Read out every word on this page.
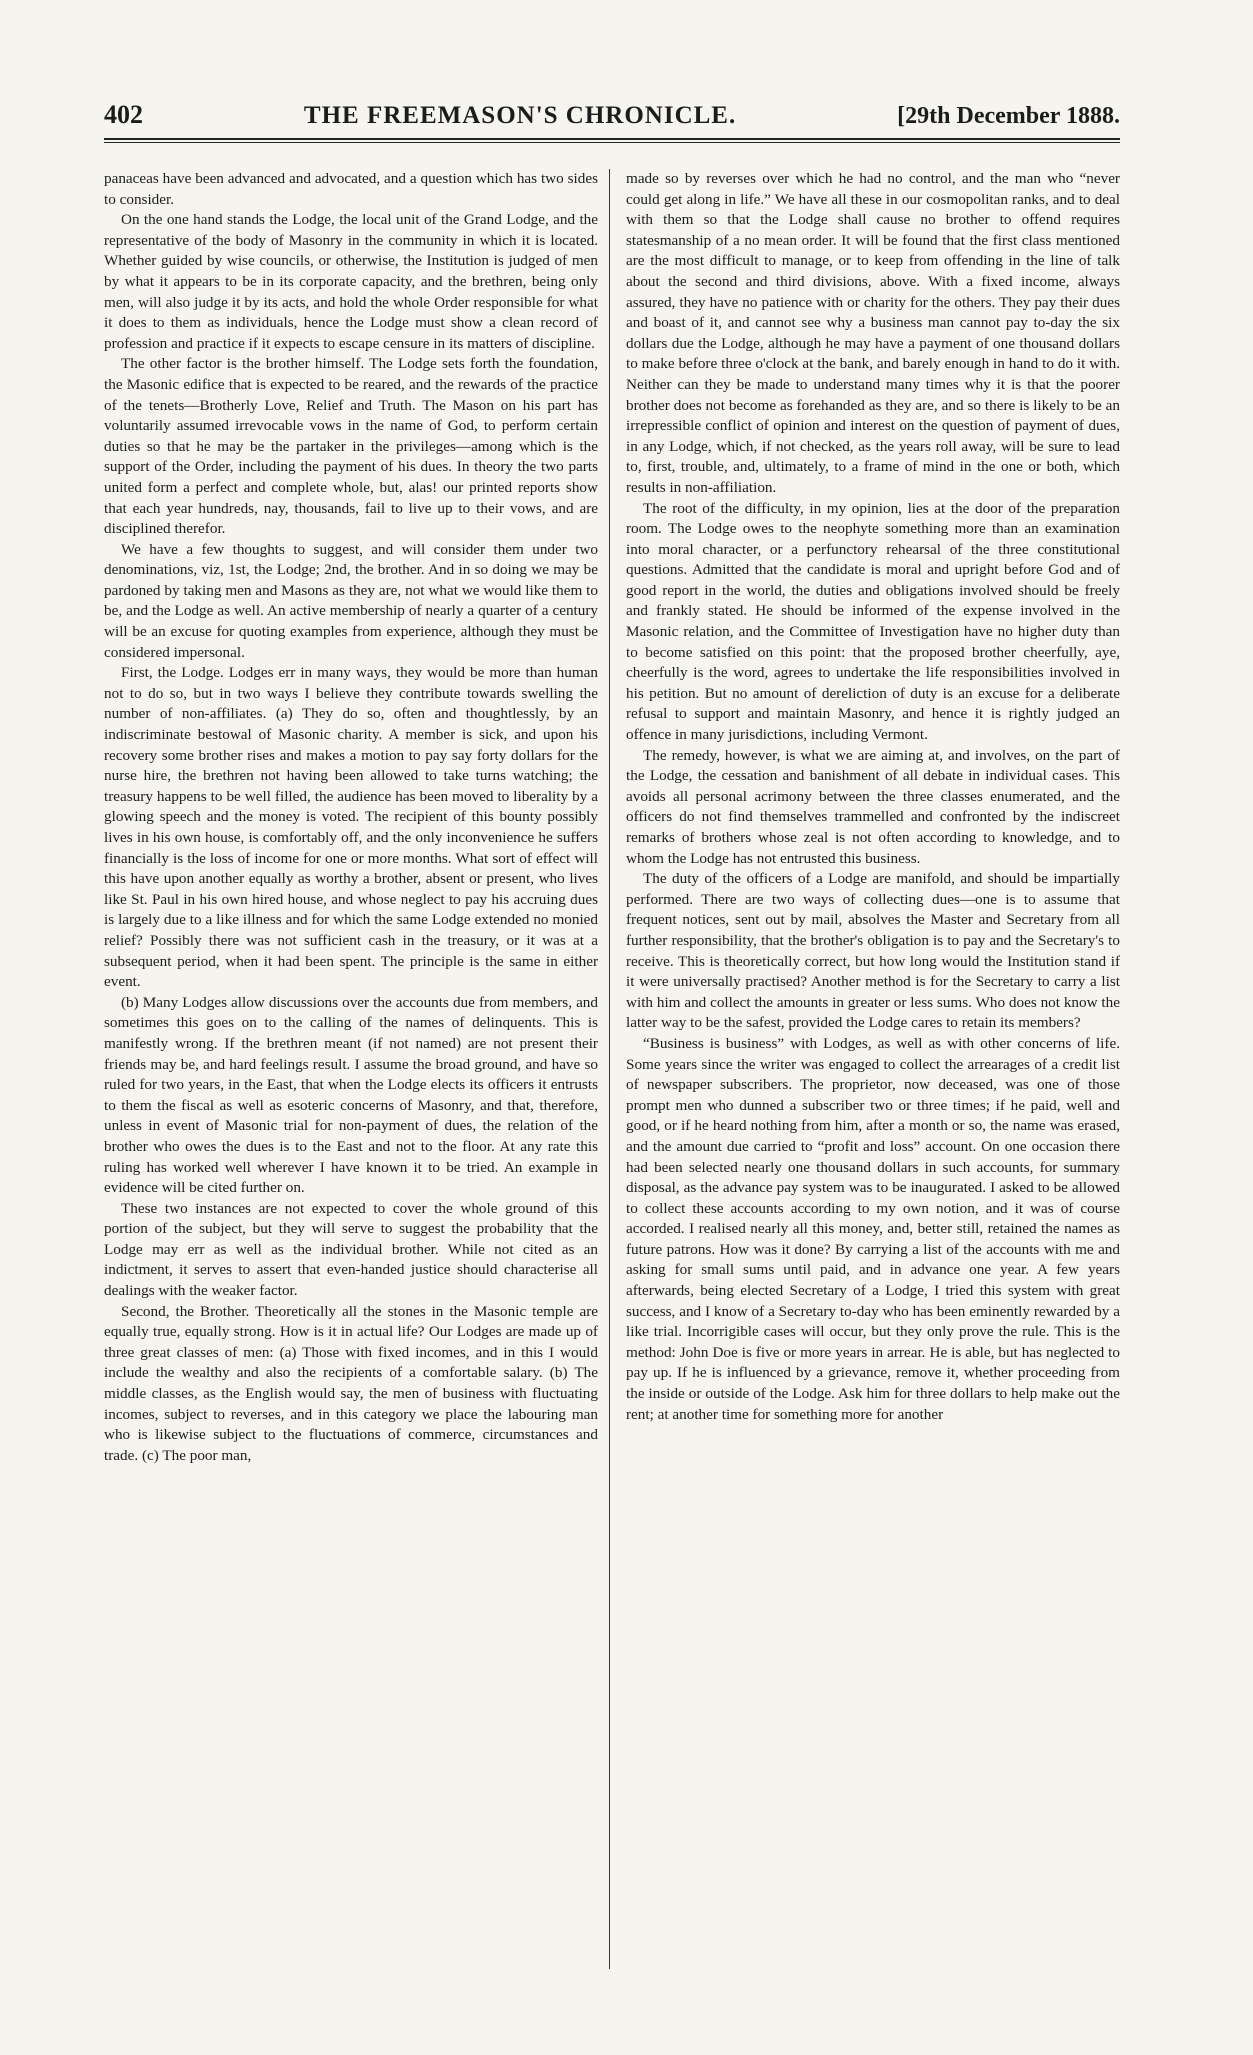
402	THE FREEMASON'S CHRONICLE.	[29th December 1888.

panaceas have been advanced and advocated, and a question which has two sides to consider.

On the one hand stands the Lodge, the local unit of the Grand Lodge, and the representative of the body of Masonry in the community in which it is located. Whether guided by wise councils, or otherwise, the Institution is judged of men by what it appears to be in its corporate capacity, and the brethren, being only men, will also judge it by its acts, and hold the whole Order responsible for what it does to them as individuals, hence the Lodge must show a clean record of profession and practice if it expects to escape censure in its matters of discipline.

The other factor is the brother himself. The Lodge sets forth the foundation, the Masonic edifice that is expected to be reared, and the rewards of the practice of the tenets—Brotherly Love, Relief and Truth. The Mason on his part has voluntarily assumed irrevocable vows in the name of God, to perform certain duties so that he may be the partaker in the privileges—among which is the support of the Order, including the payment of his dues. In theory the two parts united form a perfect and complete whole, but, alas! our printed reports show that each year hundreds, nay, thousands, fail to live up to their vows, and are disciplined therefor.

We have a few thoughts to suggest, and will consider them under two denominations, viz, 1st, the Lodge; 2nd, the brother. And in so doing we may be pardoned by taking men and Masons as they are, not what we would like them to be, and the Lodge as well. An active membership of nearly a quarter of a century will be an excuse for quoting examples from experience, although they must be considered impersonal.

First, the Lodge. Lodges err in many ways, they would be more than human not to do so, but in two ways I believe they contribute towards swelling the number of non-affiliates. (a) They do so, often and thoughtlessly, by an indiscriminate bestowal of Masonic charity. A member is sick, and upon his recovery some brother rises and makes a motion to pay say forty dollars for the nurse hire, the brethren not having been allowed to take turns watching; the treasury happens to be well filled, the audience has been moved to liberality by a glowing speech and the money is voted. The recipient of this bounty possibly lives in his own house, is comfortably off, and the only inconvenience he suffers financially is the loss of income for one or more months. What sort of effect will this have upon another equally as worthy a brother, absent or present, who lives like St. Paul in his own hired house, and whose neglect to pay his accruing dues is largely due to a like illness and for which the same Lodge extended no monied relief? Possibly there was not sufficient cash in the treasury, or it was at a subsequent period, when it had been spent. The principle is the same in either event.

(b) Many Lodges allow discussions over the accounts due from members, and sometimes this goes on to the calling of the names of delinquents. This is manifestly wrong. If the brethren meant (if not named) are not present their friends may be, and hard feelings result. I assume the broad ground, and have so ruled for two years, in the East, that when the Lodge elects its officers it entrusts to them the fiscal as well as esoteric concerns of Masonry, and that, therefore, unless in event of Masonic trial for non-payment of dues, the relation of the brother who owes the dues is to the East and not to the floor. At any rate this ruling has worked well wherever I have known it to be tried. An example in evidence will be cited further on.

These two instances are not expected to cover the whole ground of this portion of the subject, but they will serve to suggest the probability that the Lodge may err as well as the individual brother. While not cited as an indictment, it serves to assert that even-handed justice should characterise all dealings with the weaker factor.

Second, the Brother. Theoretically all the stones in the Masonic temple are equally true, equally strong. How is it in actual life? Our Lodges are made up of three great classes of men: (a) Those with fixed incomes, and in this I would include the wealthy and also the recipients of a comfortable salary. (b) The middle classes, as the English would say, the men of business with fluctuating incomes, subject to reverses, and in this category we place the labouring man who is likewise subject to the fluctuations of commerce, circumstances and trade. (c) The poor man,

made so by reverses over which he had no control, and the man who “never could get along in life.” We have all these in our cosmopolitan ranks, and to deal with them so that the Lodge shall cause no brother to offend requires statesmanship of a no mean order. It will be found that the first class mentioned are the most difficult to manage, or to keep from offending in the line of talk about the second and third divisions, above. With a fixed income, always assured, they have no patience with or charity for the others. They pay their dues and boast of it, and cannot see why a business man cannot pay to-day the six dollars due the Lodge, although he may have a payment of one thousand dollars to make before three o'clock at the bank, and barely enough in hand to do it with. Neither can they be made to understand many times why it is that the poorer brother does not become as forehanded as they are, and so there is likely to be an irrepressible conflict of opinion and interest on the question of payment of dues, in any Lodge, which, if not checked, as the years roll away, will be sure to lead to, first, trouble, and, ultimately, to a frame of mind in the one or both, which results in non-affiliation.

The root of the difficulty, in my opinion, lies at the door of the preparation room. The Lodge owes to the neophyte something more than an examination into moral character, or a perfunctory rehearsal of the three constitutional questions. Admitted that the candidate is moral and upright before God and of good report in the world, the duties and obligations involved should be freely and frankly stated. He should be informed of the expense involved in the Masonic relation, and the Committee of Investigation have no higher duty than to become satisfied on this point: that the proposed brother cheerfully, aye, cheerfully is the word, agrees to undertake the life responsibilities involved in his petition. But no amount of dereliction of duty is an excuse for a deliberate refusal to support and maintain Masonry, and hence it is rightly judged an offence in many jurisdictions, including Vermont.

The remedy, however, is what we are aiming at, and involves, on the part of the Lodge, the cessation and banishment of all debate in individual cases. This avoids all personal acrimony between the three classes enumerated, and the officers do not find themselves trammelled and confronted by the indiscreet remarks of brothers whose zeal is not often according to knowledge, and to whom the Lodge has not entrusted this business.

The duty of the officers of a Lodge are manifold, and should be impartially performed. There are two ways of collecting dues—one is to assume that frequent notices, sent out by mail, absolves the Master and Secretary from all further responsibility, that the brother's obligation is to pay and the Secretary's to receive. This is theoretically correct, but how long would the Institution stand if it were universally practised? Another method is for the Secretary to carry a list with him and collect the amounts in greater or less sums. Who does not know the latter way to be the safest, provided the Lodge cares to retain its members?

“Business is business” with Lodges, as well as with other concerns of life. Some years since the writer was engaged to collect the arrearages of a credit list of newspaper subscribers. The proprietor, now deceased, was one of those prompt men who dunned a subscriber two or three times; if he paid, well and good, or if he heard nothing from him, after a month or so, the name was erased, and the amount due carried to “profit and loss” account. On one occasion there had been selected nearly one thousand dollars in such accounts, for summary disposal, as the advance pay system was to be inaugurated. I asked to be allowed to collect these accounts according to my own notion, and it was of course accorded. I realised nearly all this money, and, better still, retained the names as future patrons. How was it done? By carrying a list of the accounts with me and asking for small sums until paid, and in advance one year. A few years afterwards, being elected Secretary of a Lodge, I tried this system with great success, and I know of a Secretary to-day who has been eminently rewarded by a like trial. Incorrigible cases will occur, but they only prove the rule. This is the method: John Doe is five or more years in arrear. He is able, but has neglected to pay up. If he is influenced by a grievance, remove it, whether proceeding from the inside or outside of the Lodge. Ask him for three dollars to help make out the rent; at another time for something more for another
